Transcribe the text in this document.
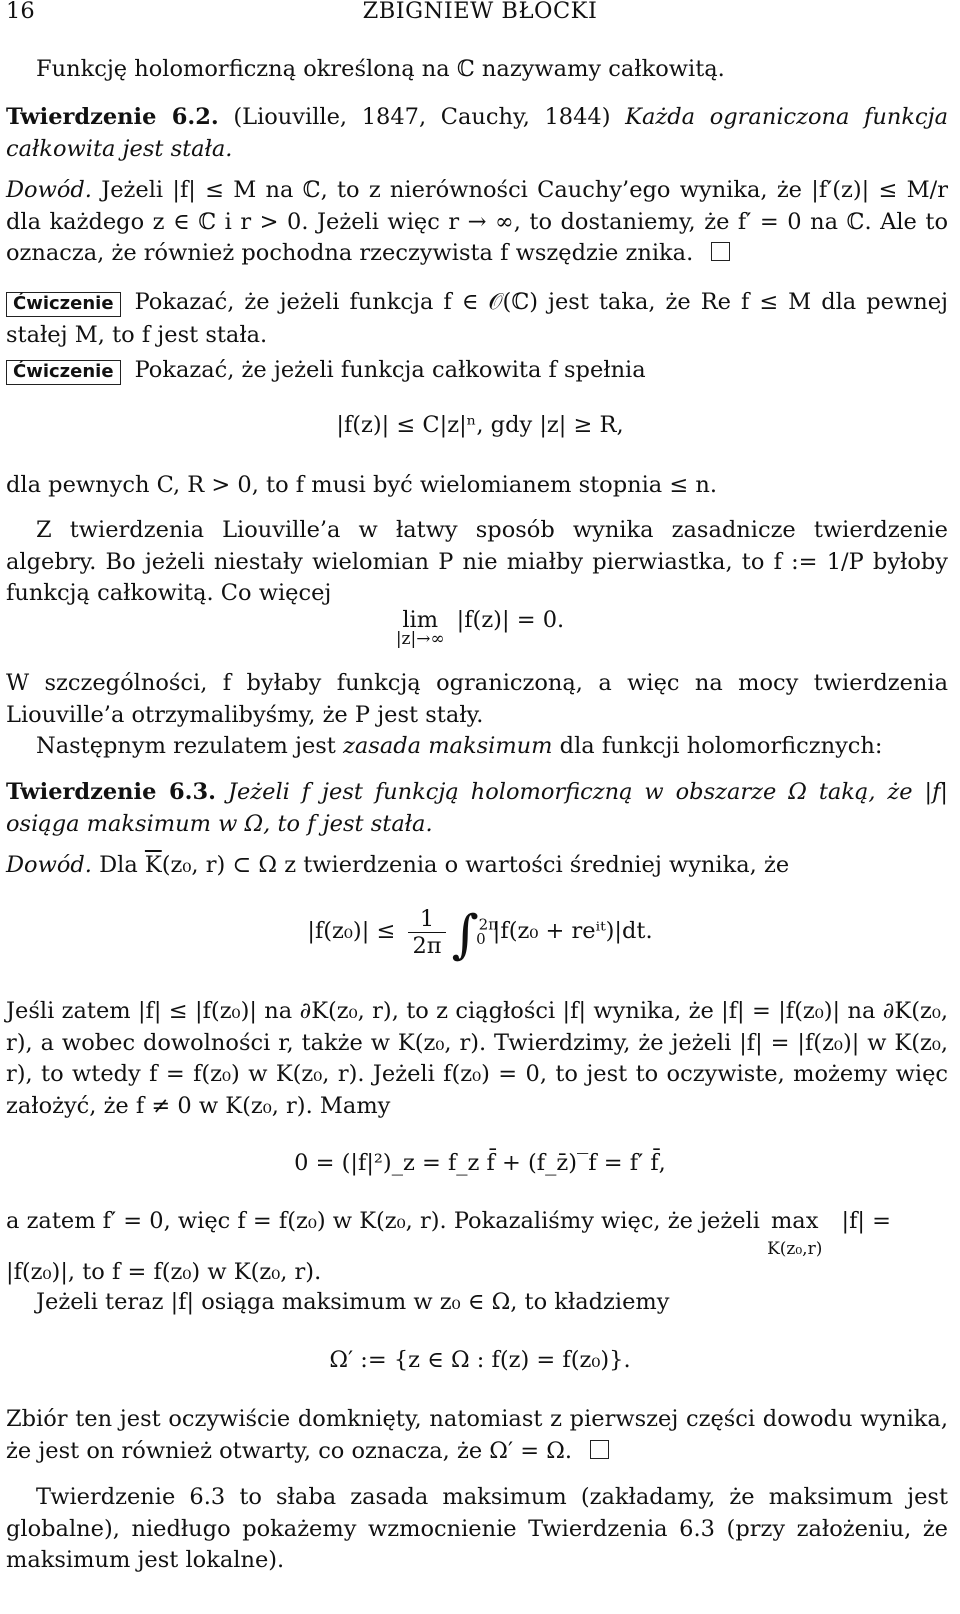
16	ZBIGNIEW BŁOCKI
Funkcję holomorficzną określoną na ℂ nazywamy całkowitą.
Twierdzenie 6.2. (Liouville, 1847, Cauchy, 1844) Każda ograniczona funkcja całkowita jest stała.
Dowód. Jeżeli |f| ≤ M na ℂ, to z nierówności Cauchy’ego wynika, że |f′(z)| ≤ M/r dla każdego z ∈ ℂ i r > 0. Jeżeli więc r → ∞, to dostaniemy, że f′ = 0 na ℂ. Ale to oznacza, że również pochodna rzeczywista f wszędzie znika.
Ćwiczenie Pokazać, że jeżeli funkcja f ∈ 𝒪(ℂ) jest taka, że Re f ≤ M dla pewnej stałej M, to f jest stała.
Ćwiczenie Pokazać, że jeżeli funkcja całkowita f spełnia
|f(z)| ≤ C|z|ⁿ, gdy |z| ≥ R,
dla pewnych C, R > 0, to f musi być wielomianem stopnia ≤ n.
Z twierdzenia Liouville’a w łatwy sposób wynika zasadnicze twierdzenie algebry. Bo jeżeli niestały wielomian P nie miałby pierwiastka, to f := 1/P byłoby funkcją całkowitą. Co więcej
lim
|z|→∞
|f(z)| = 0.
W szczególności, f byłaby funkcją ograniczoną, a więc na mocy twierdzenia Liouville’a otrzymalibyśmy, że P jest stały.
Następnym rezulatem jest zasada maksimum dla funkcji holomorficznych:
Twierdzenie 6.3. Jeżeli f jest funkcją holomorficzną w obszarze Ω taką, że |f| osiąga maksimum w Ω, to f jest stała.
Dowód. Dla $\overline{K}(z_0$, r) ⊂ Ω z twierdzenia o wartości średniej wynika, że
$|f(z_0)| \le \frac{1}{2\pi} \int^{2\pi}_0$ |f(z₀ + reⁱᵗ)|dt.
Jeśli zatem |f| ≤ |f(z₀)| na ∂K(z₀, r), to z ciągłości |f| wynika, że |f| = |f(z₀)| na ∂K(z₀, r), a wobec dowolności r, także w K(z₀, r). Twierdzimy, że jeżeli |f| = |f(z₀)| w K(z₀, r), to wtedy f = f(z₀) w K(z₀, r). Jeżeli f(z₀) = 0, to jest to oczywiste, możemy więc założyć, że f ≠ 0 w K(z₀, r). Mamy
0 = (|f|²)_z = f_z f̄ + (f_z̄)‾f = f′ f̄,
a zatem f′ = 0, więc f = f(z₀) w K(z₀, r). Pokazaliśmy więc, że jeżeli max
K(z₀,r)
|f| =
|f(z₀)|, to f = f(z₀) w K(z₀, r).
Jeżeli teraz |f| osiąga maksimum w z₀ ∈ Ω, to kładziemy
Ω′ := {z ∈ Ω : f(z) = f(z₀)}.
Zbiór ten jest oczywiście domknięty, natomiast z pierwszej części dowodu wynika, że jest on również otwarty, co oznacza, że Ω′ = Ω.
Twierdzenie 6.3 to słaba zasada maksimum (zakładamy, że maksimum jest globalne), niedługo pokażemy wzmocnienie Twierdzenia 6.3 (przy założeniu, że maksimum jest lokalne).
